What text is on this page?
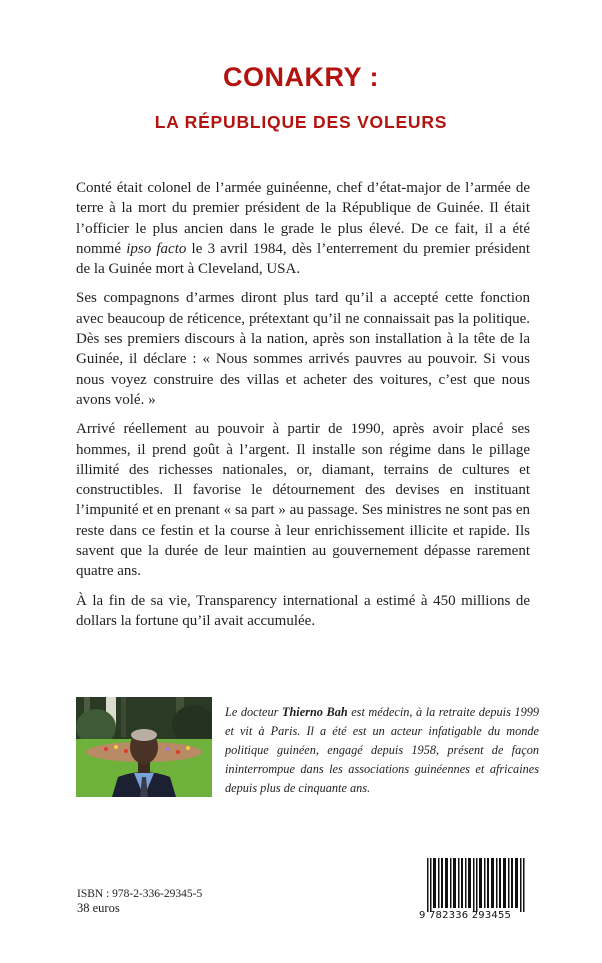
CONAKRY :
LA RÉPUBLIQUE DES VOLEURS

Conté était colonel de l’armée guinéenne, chef d’état-major de l’armée de terre à la mort du premier président de la République de Guinée. Il était l’officier le plus ancien dans le grade le plus élevé. De ce fait, il a été nommé ipso facto le 3 avril 1984, dès l’enterrement du premier président de la Guinée mort à Cleveland, USA.

Ses compagnons d’armes diront plus tard qu’il a accepté cette fonction avec beaucoup de réticence, prétextant qu’il ne connaissait pas la politique. Dès ses premiers discours à la nation, après son installation à la tête de la Guinée, il déclare : « Nous sommes arrivés pauvres au pouvoir. Si vous nous voyez construire des villas et acheter des voitures, c’est que nous avons volé. »

Arrivé réellement au pouvoir à partir de 1990, après avoir placé ses hommes, il prend goût à l’argent. Il installe son régime dans le pillage illimité des richesses nationales, or, diamant, terrains de cultures et constructibles. Il favorise le détournement des devises en instituant l’impunité et en prenant « sa part » au passage. Ses ministres ne sont pas en reste dans ce festin et la course à leur enrichissement illicite et rapide. Ils savent que la durée de leur maintien au gouvernement dépasse rarement quatre ans.

À la fin de sa vie, Transparency international a estimé à 450 millions de dollars la fortune qu’il avait accumulée.

Le docteur Thierno Bah est médecin, à la retraite depuis 1999 et vit à Paris. Il a été est un acteur infatigable du monde politique guinéen, engagé depuis 1958, présent de façon ininterrompue dans les associations guinéennes et africaines depuis plus de cinquante ans.
ISBN : 978-2-336-29345-5
38 euros
9 782336 293455
